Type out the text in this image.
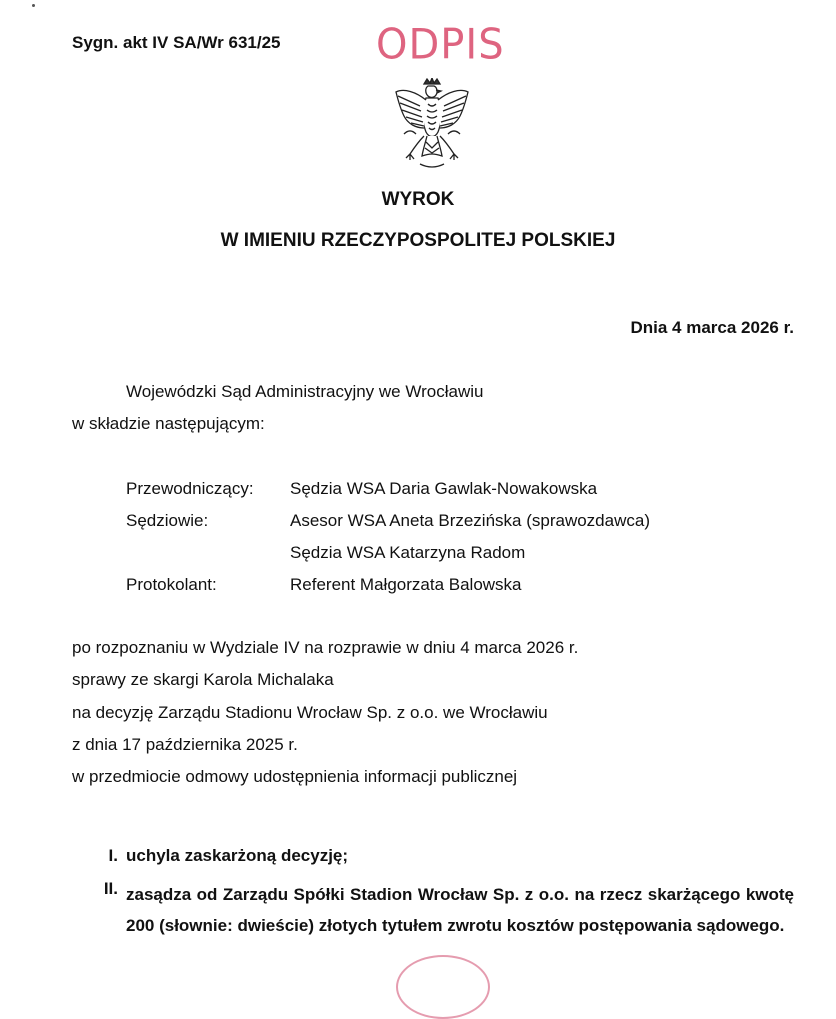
Sygn. akt IV SA/Wr 631/25 ODPIS
WYROK
W IMIENIU RZECZYPOSPOLITEJ POLSKIEJ
Dnia 4 marca 2026 r.
Wojewódzki Sąd Administracyjny we Wrocławiu
w składzie następującym:
Przewodniczący: Sędzia WSA Daria Gawlak-Nowakowska
Sędziowie:	Asesor WSA Aneta Brzezińska (sprawozdawca)
Sędzia WSA Katarzyna Radom
Protokolant:	Referent Małgorzata Balowska
po rozpoznaniu w Wydziale IV na rozprawie w dniu 4 marca 2026 r.
sprawy ze skargi Karola Michalaka
na decyzję Zarządu Stadionu Wrocław Sp. z o.o. we Wrocławiu
z dnia 17 października 2025 r.
w przedmiocie odmowy udostępnienia informacji publicznej
I. uchyla zaskarżoną decyzję;
II. zasądza od Zarządu Spółki Stadion Wrocław Sp. z o.o. na rzecz skarżącego kwotę 200 (słownie: dwieście) złotych tytułem zwrotu kosztów postępowania sądowego.
